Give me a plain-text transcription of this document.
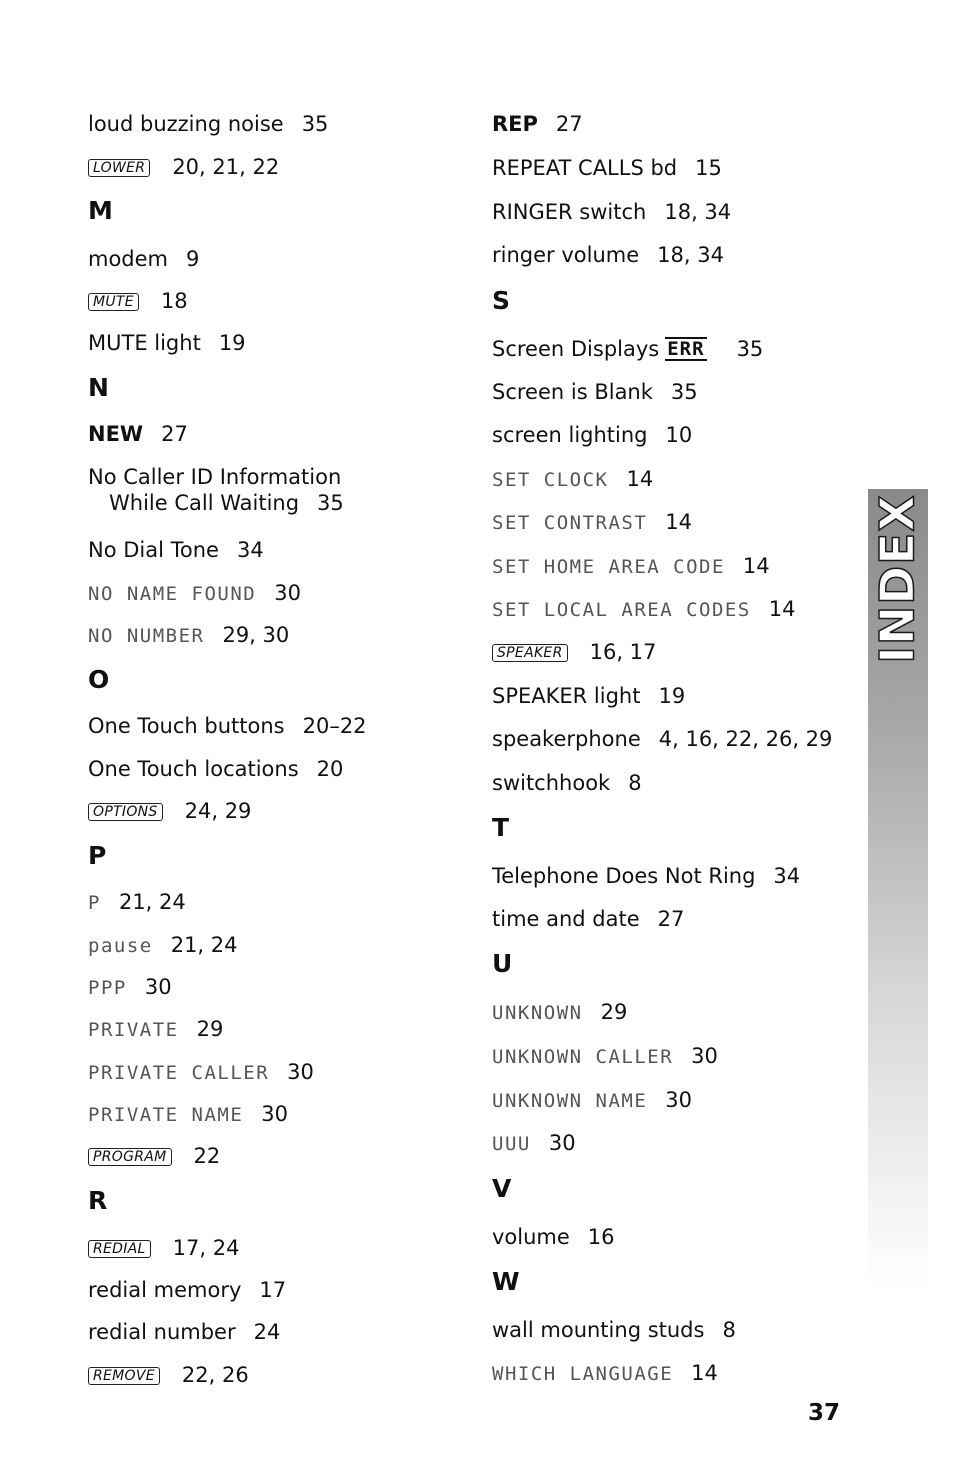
loud buzzing noise 35
LOWER 20, 21, 22
M
modem 9
MUTE 18
MUTE light 19
N
NEW 27
No Caller ID Information
While Call Waiting 35
No Dial Tone 34
NO NAME FOUND 30
NO NUMBER 29, 30
O
One Touch buttons 20–22
One Touch locations 20
OPTIONS 24, 29
P
P 21, 24
pause 21, 24
PPP 30
PRIVATE 29
PRIVATE CALLER 30
PRIVATE NAME 30
PROGRAM 22
R
REDIAL 17, 24
redial memory 17
redial number 24
REMOVE 22, 26
REP 27
REPEAT CALLS bd 15
RINGER switch 18, 34
ringer volume 18, 34
S
Screen Displays ERR 35
Screen is Blank 35
screen lighting 10
SET CLOCK 14
SET CONTRAST 14
SET HOME AREA CODE 14
SET LOCAL AREA CODES 14
SPEAKER 16, 17
SPEAKER light 19
speakerphone 4, 16, 22, 26, 29
switchhook 8
T
Telephone Does Not Ring 34
time and date 27
U
UNKNOWN 29
UNKNOWN CALLER 30
UNKNOWN NAME 30
UUU 30
V
volume 16
W
wall mounting studs 8
WHICH LANGUAGE 14
INDEX
37
